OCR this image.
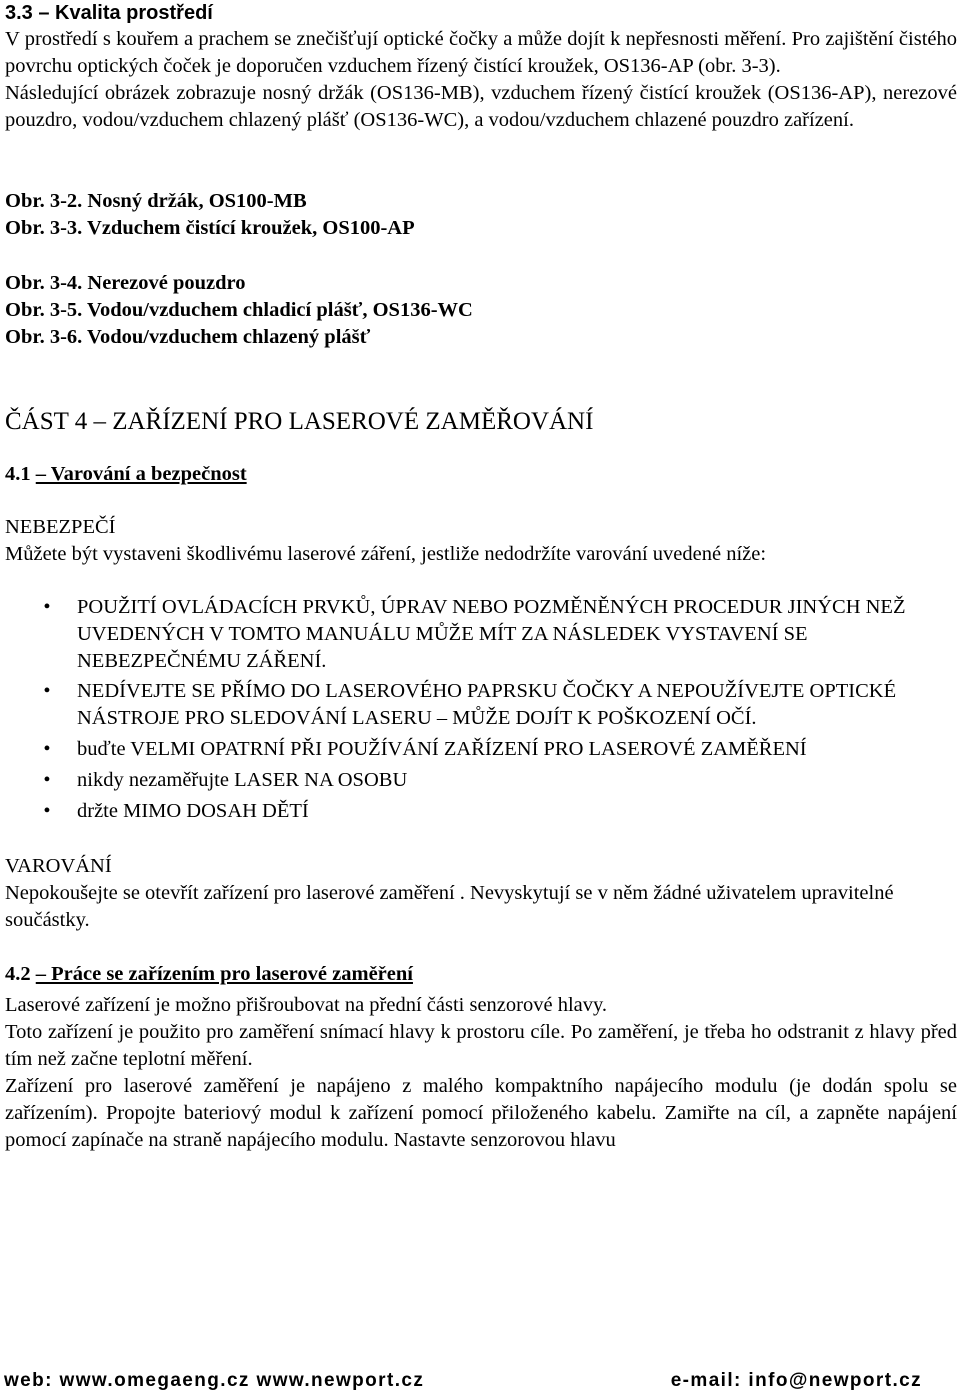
3.3 – Kvalita prostředí

V prostředí s kouřem a prachem se znečišťují optické čočky a může dojít k nepřesnosti měření. Pro zajištění čistého povrchu optických čoček je doporučen vzduchem řízený čistící kroužek, OS136-AP (obr. 3-3).

Následující obrázek zobrazuje nosný držák (OS136-MB), vzduchem řízený čistící kroužek (OS136-AP), nerezové pouzdro, vodou/vzduchem chlazený plášť (OS136-WC), a vodou/vzduchem chlazené pouzdro zařízení.

Obr. 3-2. Nosný držák, OS100-MB
Obr. 3-3. Vzduchem čistící kroužek, OS100-AP
Obr. 3-4. Nerezové pouzdro
Obr. 3-5. Vodou/vzduchem chladicí plášť, OS136-WC
Obr. 3-6. Vodou/vzduchem chlazený plášť
ČÁST 4 – ZAŘÍZENÍ PRO LASEROVÉ ZAMĚŘOVÁNÍ
4.1 – Varování a bezpečnost

NEBEZPEČÍ

Můžete být vystaveni škodlivému laserové záření, jestliže nedodržíte varování uvedené níže:

•	POUŽITÍ OVLÁDACÍCH PRVKŮ, ÚPRAV NEBO POZMĚNĚNÝCH PROCEDUR JINÝCH NEŽ UVEDENÝCH V TOMTO MANUÁLU MŮŽE MÍT ZA NÁSLEDEK VYSTAVENÍ SE NEBEZPEČNÉMU ZÁŘENÍ.
•	NEDÍVEJTE SE PŘÍMO DO LASEROVÉHO PAPRSKU ČOČKY A NEPOUŽÍVEJTE OPTICKÉ NÁSTROJE PRO SLEDOVÁNÍ LASERU – MŮŽE DOJÍT K POŠKOZENÍ OČÍ.
•	buďte VELMI OPATRNÍ PŘI POUŽÍVÁNÍ ZAŘÍZENÍ PRO LASEROVÉ ZAMĚŘENÍ
•	nikdy nezaměřujte LASER NA OSOBU
•	držte MIMO DOSAH DĚTÍ

VAROVÁNÍ

Nepokoušejte se otevřít zařízení pro laserové zaměření . Nevyskytují se v něm žádné uživatelem upravitelné součástky.

4.2 – Práce se zařízením pro laserové zaměření

Laserové zařízení je možno přišroubovat na přední části senzorové hlavy.

Toto zařízení je použito pro zaměření snímací hlavy k prostoru cíle. Po zaměření, je třeba ho odstranit z hlavy před tím než začne teplotní měření.

Zařízení pro laserové zaměření je napájeno z malého kompaktního napájecího modulu (je dodán spolu se zařízením). Propojte bateriový modul k zařízení pomocí přiloženého kabelu. Zamiřte na cíl, a zapněte napájení pomocí zapínače na straně napájecího modulu. Nastavte senzorovou hlavu

web: www.omegaeng.cz www.newport.cz	e-mail: info@newport.cz
